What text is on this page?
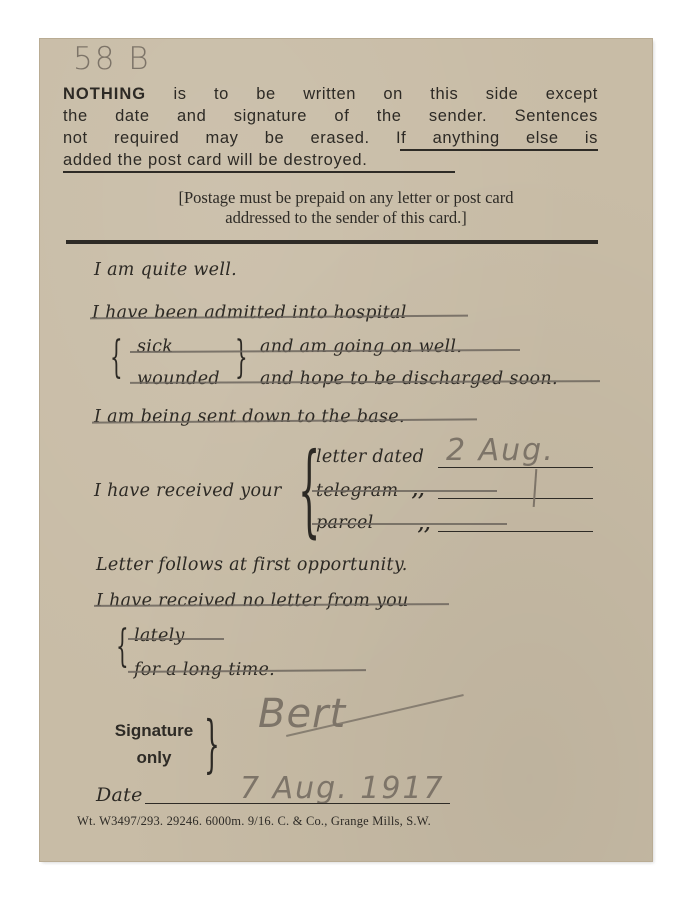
58 B
NOTHING is to be written on this side except
the date and signature of the sender. Sentences
not required may be erased. If anything else is
added the post card will be destroyed.
[Postage must be prepaid on any letter or post card
addressed to the sender of this card.]
I am quite well.
I have been admitted into hospital
{ sick
wounded } and am going on well.
and hope to be discharged soon.
I am being sent down to the base.
I have received your {
letter dated 2 Aug.
telegram ,,
parcel	,,
Letter follows at first opportunity.
I have received no letter from you
{ lately
for a long time.
Signature
only } Bert
Date	7 Aug. 1917
Wt. W3497/293. 29246. 6000m. 9/16. C. & Co., Grange Mills, S.W.
